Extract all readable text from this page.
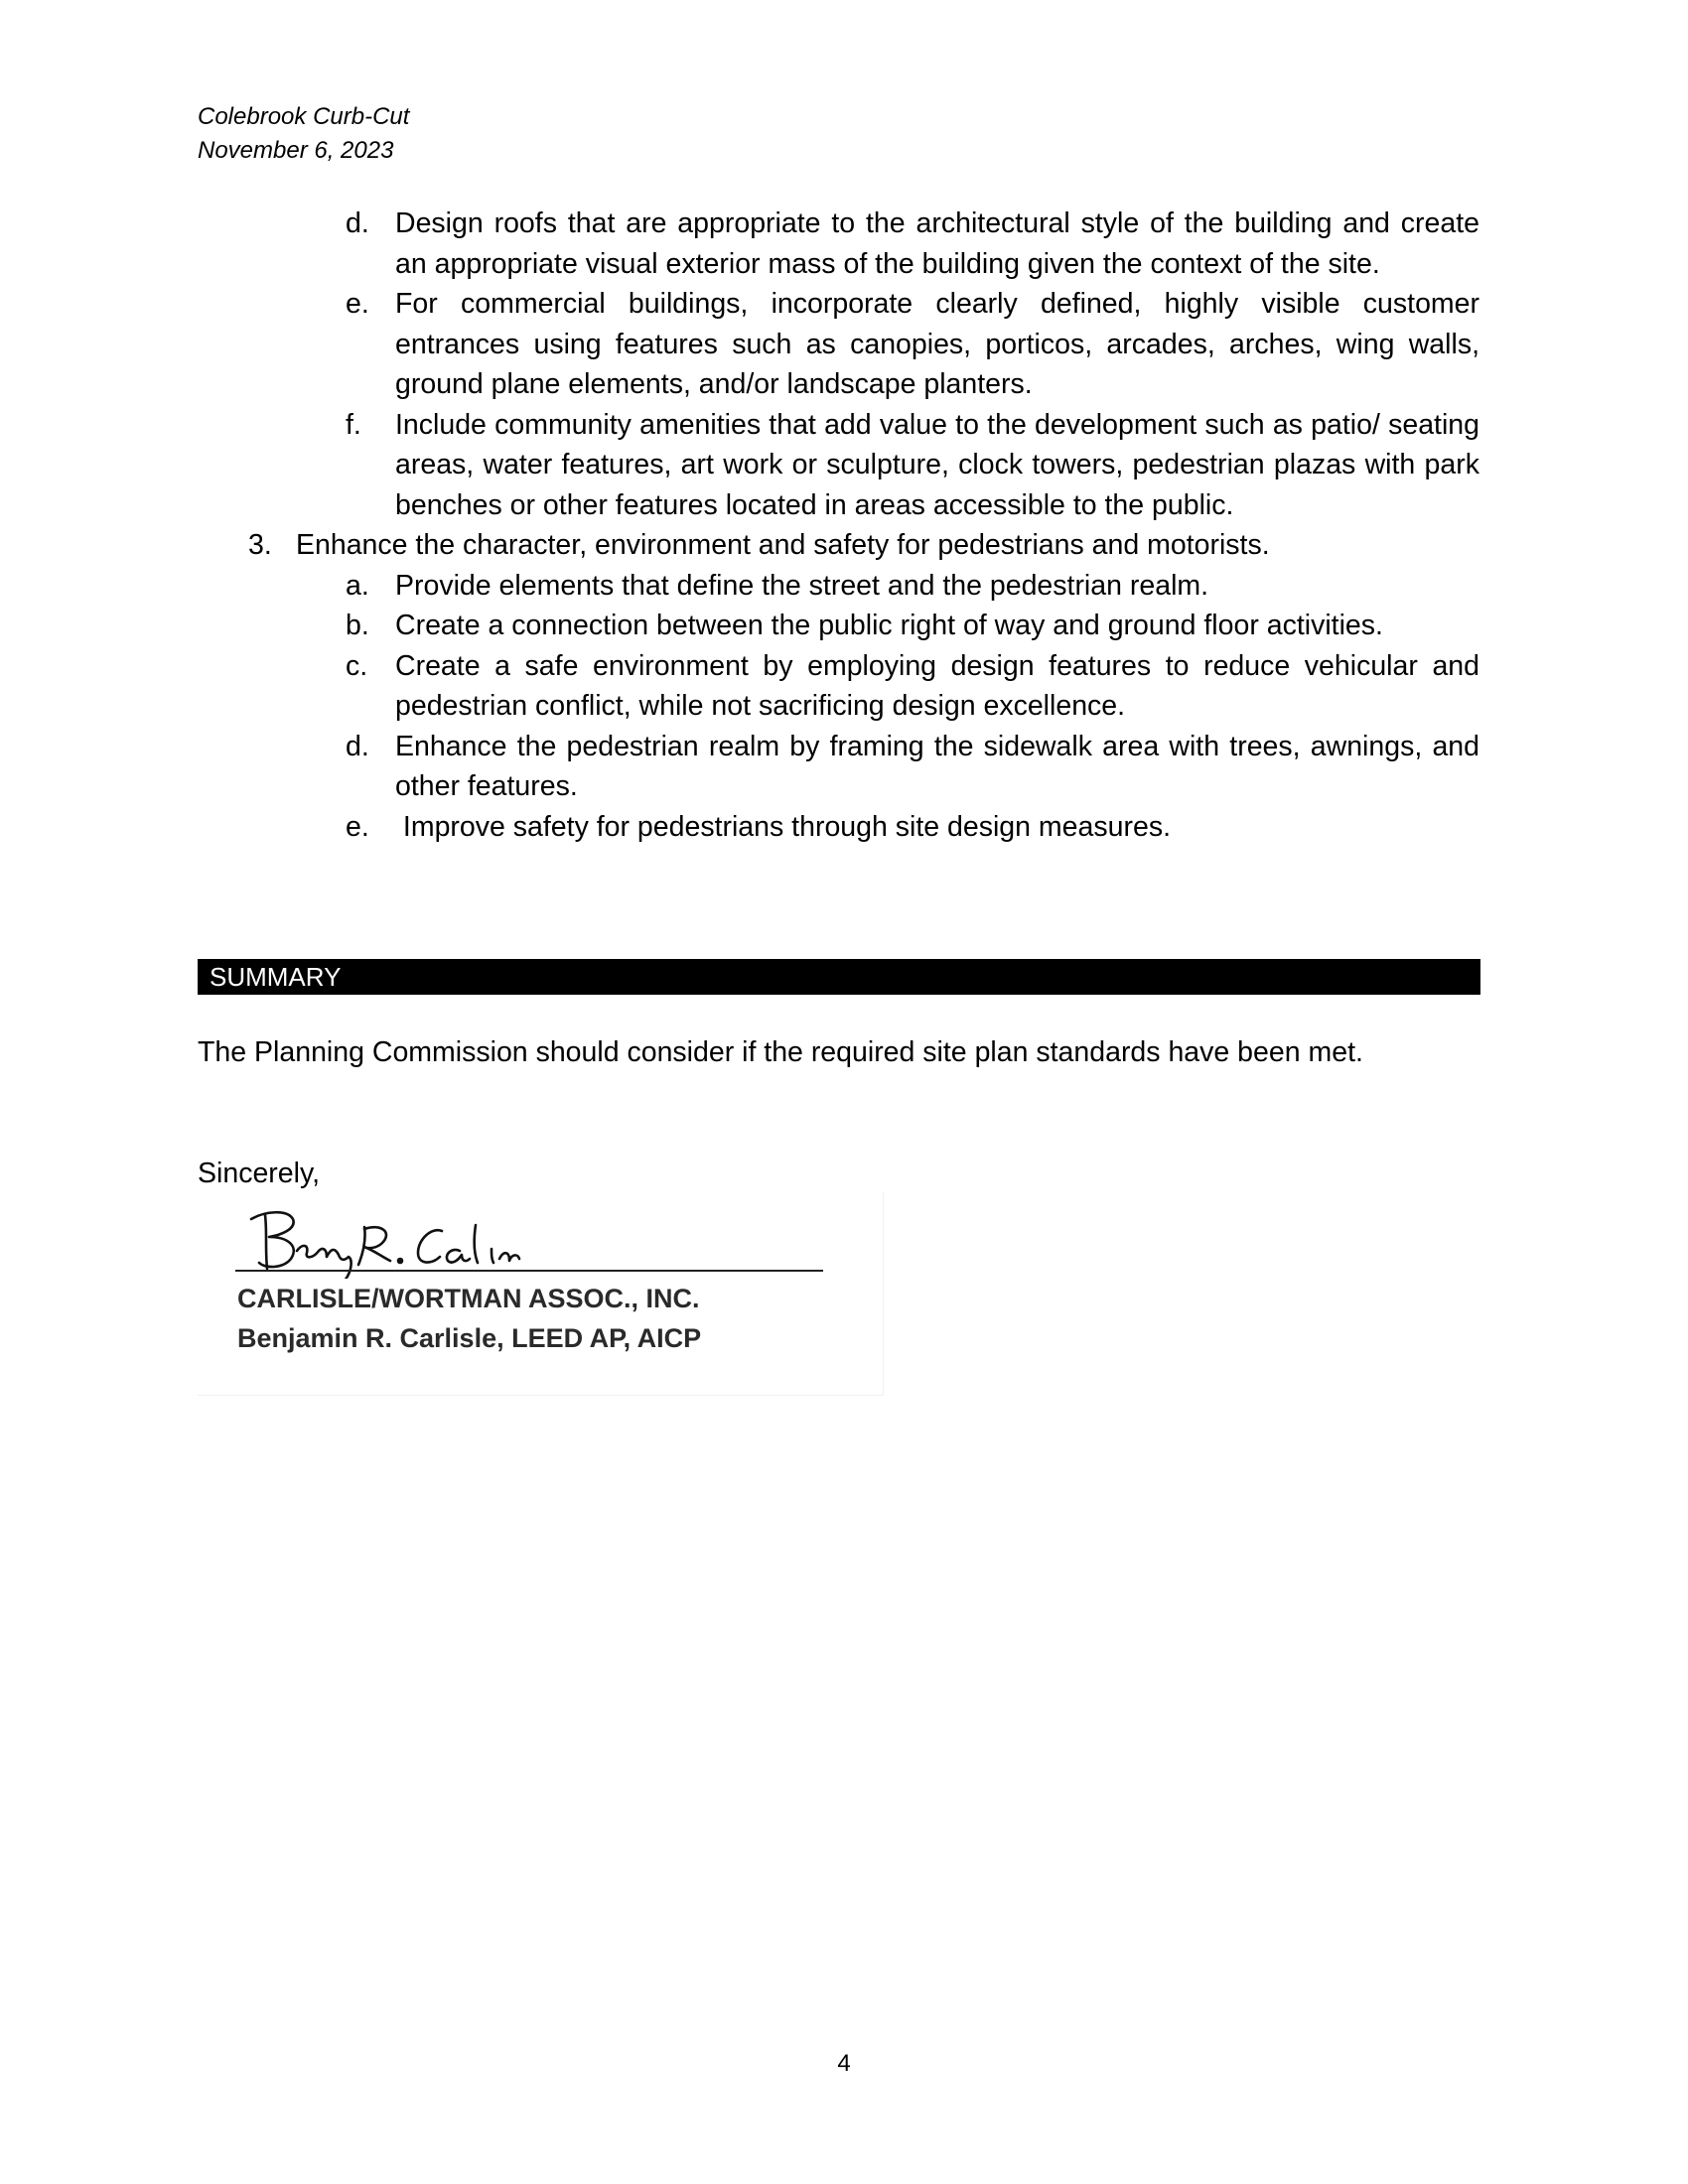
Colebrook Curb-Cut
November 6, 2023
d. Design roofs that are appropriate to the architectural style of the building and create an appropriate visual exterior mass of the building given the context of the site.
e. For commercial buildings, incorporate clearly defined, highly visible customer entrances using features such as canopies, porticos, arcades, arches, wing walls, ground plane elements, and/or landscape planters.
f. Include community amenities that add value to the development such as patio/ seating areas, water features, art work or sculpture, clock towers, pedestrian plazas with park benches or other features located in areas accessible to the public.
3. Enhance the character, environment and safety for pedestrians and motorists.
a. Provide elements that define the street and the pedestrian realm.
b. Create a connection between the public right of way and ground floor activities.
c. Create a safe environment by employing design features to reduce vehicular and pedestrian conflict, while not sacrificing design excellence.
d. Enhance the pedestrian realm by framing the sidewalk area with trees, awnings, and other features.
e. Improve safety for pedestrians through site design measures.
SUMMARY
The Planning Commission should consider if the required site plan standards have been met.
Sincerely,
CARLISLE/WORTMAN ASSOC., INC.
Benjamin R. Carlisle, LEED AP, AICP
4
